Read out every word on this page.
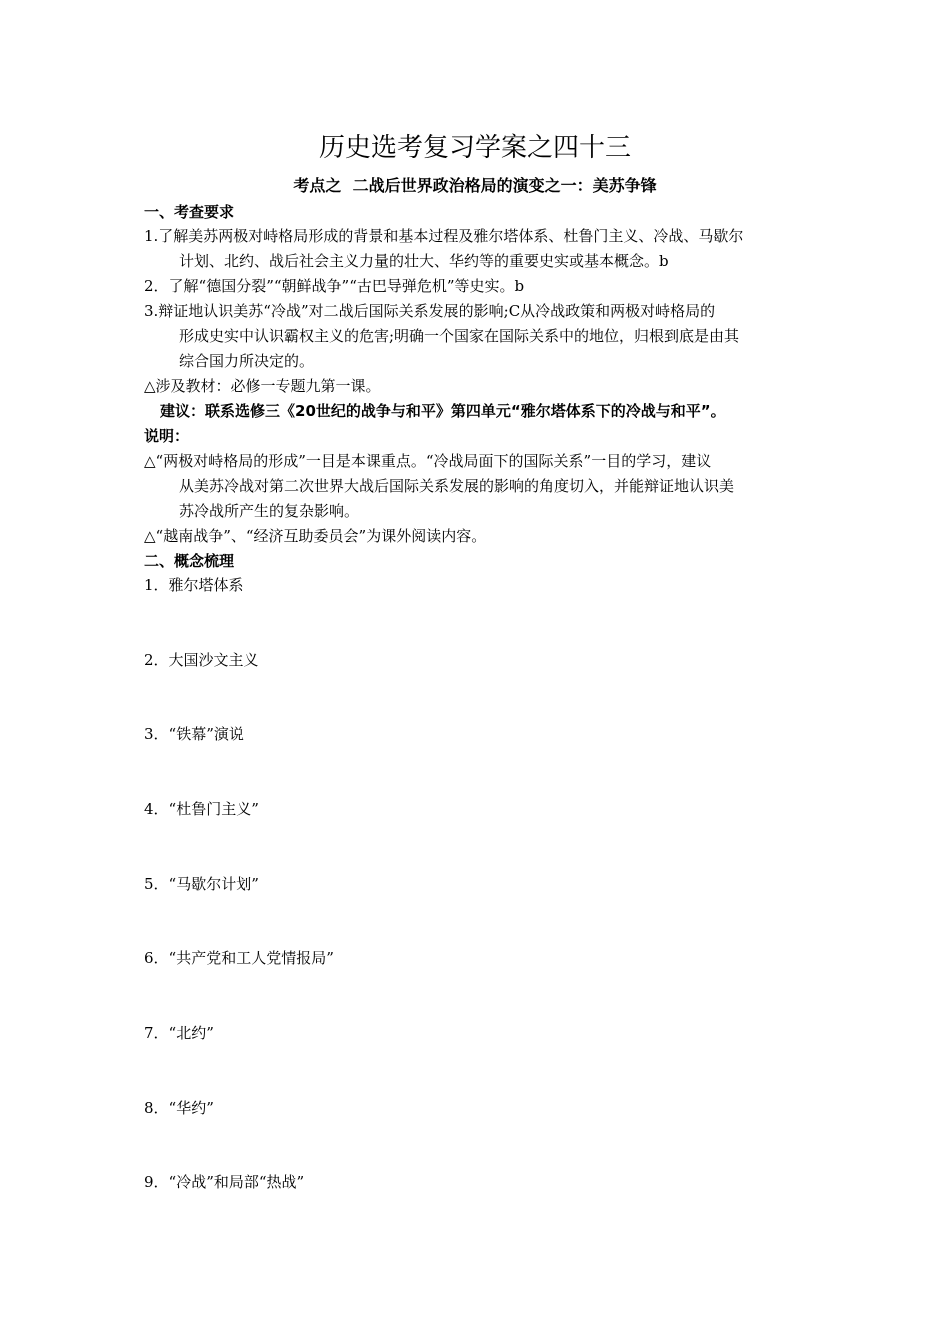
历史选考复习学案之四十三
考点之  二战后世界政治格局的演变之一：美苏争锋
一、考查要求
1.了解美苏两极对峙格局形成的背景和基本过程及雅尔塔体系、杜鲁门主义、冷战、马歇尔
计划、北约、战后社会主义力量的壮大、华约等的重要史实或基本概念。b
2．了解“德国分裂”“朝鲜战争”“古巴导弹危机”等史实。b
3.辩证地认识美苏“冷战”对二战后国际关系发展的影响;C从冷战政策和两极对峙格局的
形成史实中认识霸权主义的危害;明确一个国家在国际关系中的地位，归根到底是由其
综合国力所决定的。
△涉及教材：必修一专题九第一课。
建议：联系选修三《20世纪的战争与和平》第四单元“雅尔塔体系下的冷战与和平”。
说明：
△“两极对峙格局的形成”一目是本课重点。“冷战局面下的国际关系”一目的学习，建议
从美苏冷战对第二次世界大战后国际关系发展的影响的角度切入，并能辩证地认识美
苏冷战所产生的复杂影响。
△“越南战争”、“经济互助委员会”为课外阅读内容。
二、概念梳理
1．雅尔塔体系
2．大国沙文主义
3．“铁幕”演说
4．“杜鲁门主义”
5．“马歇尔计划”
6．“共产党和工人党情报局”
7．“北约”
8．“华约”
9．“冷战”和局部“热战”
